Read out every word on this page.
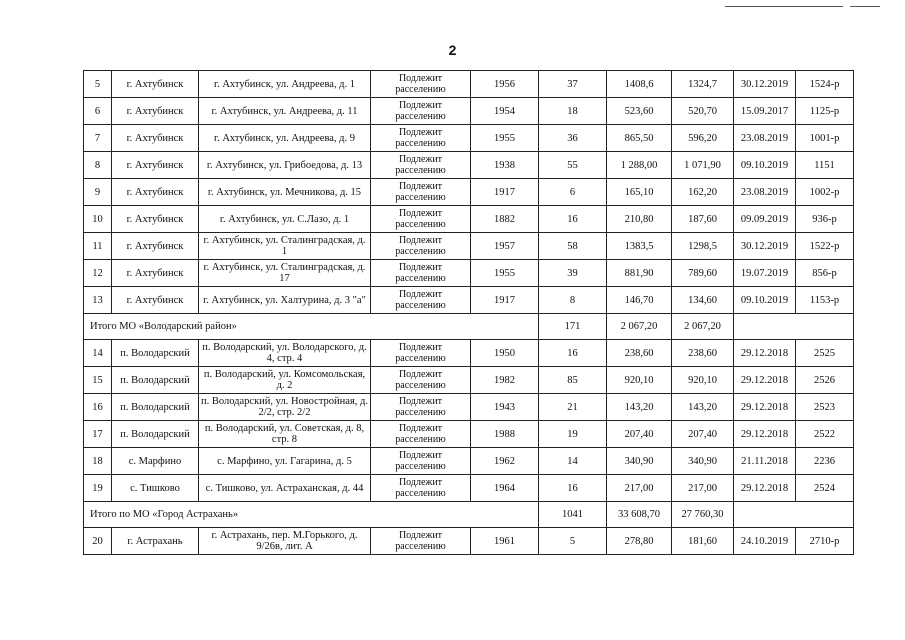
2
5	г. Ахтубинск	г. Ахтубинск, ул. Андреева, д. 1	Подлежит расселению	1956	37	1408,6	1324,7	30.12.2019	1524-р
6	г. Ахтубинск	г. Ахтубинск, ул. Андреева, д. 11	Подлежит расселению	1954	18	523,60	520,70	15.09.2017	1125-р
7	г. Ахтубинск	г. Ахтубинск, ул. Андреева, д. 9	Подлежит расселению	1955	36	865,50	596,20	23.08.2019	1001-р
8	г. Ахтубинск	г. Ахтубинск, ул. Грибоедова, д. 13	Подлежит расселению	1938	55	1 288,00	1 071,90	09.10.2019	1151
9	г. Ахтубинск	г. Ахтубинск, ул. Мечникова, д. 15	Подлежит расселению	1917	6	165,10	162,20	23.08.2019	1002-р
10	г. Ахтубинск	г. Ахтубинск, ул. С.Лазо, д. 1	Подлежит расселению	1882	16	210,80	187,60	09.09.2019	936-р
11	г. Ахтубинск	г. Ахтубинск, ул. Сталинградская, д. 1	Подлежит расселению	1957	58	1383,5	1298,5	30.12.2019	1522-р
12	г. Ахтубинск	г. Ахтубинск, ул. Сталинградская, д. 17	Подлежит расселению	1955	39	881,90	789,60	19.07.2019	856-р
13	г. Ахтубинск	г. Ахтубинск, ул. Халтурина, д. 3 "а"	Подлежит расселению	1917	8	146,70	134,60	09.10.2019	1153-р
Итого МО «Володарский район»					171	2 067,20	2 067,20		
14	п. Володарский	п. Володарский, ул. Володарского, д. 4, стр. 4	Подлежит расселению	1950	16	238,60	238,60	29.12.2018	2525
15	п. Володарский	п. Володарский, ул. Комсомольская, д. 2	Подлежит расселению	1982	85	920,10	920,10	29.12.2018	2526
16	п. Володарский	п. Володарский, ул. Новостройная, д. 2/2, стр. 2/2	Подлежит расселению	1943	21	143,20	143,20	29.12.2018	2523
17	п. Володарский	п. Володарский, ул. Советская, д. 8, стр. 8	Подлежит расселению	1988	19	207,40	207,40	29.12.2018	2522
18	с. Марфино	с. Марфино, ул. Гагарина, д. 5	Подлежит расселению	1962	14	340,90	340,90	21.11.2018	2236
19	с. Тишково	с. Тишково, ул. Астраханская, д. 44	Подлежит расселению	1964	16	217,00	217,00	29.12.2018	2524
Итого по МО «Город Астрахань»					1041	33 608,70	27 760,30		
20	г. Астрахань	г. Астрахань, пер. М.Горького, д. 9/26в, лит. А	Подлежит расселению	1961	5	278,80	181,60	24.10.2019	2710-р
